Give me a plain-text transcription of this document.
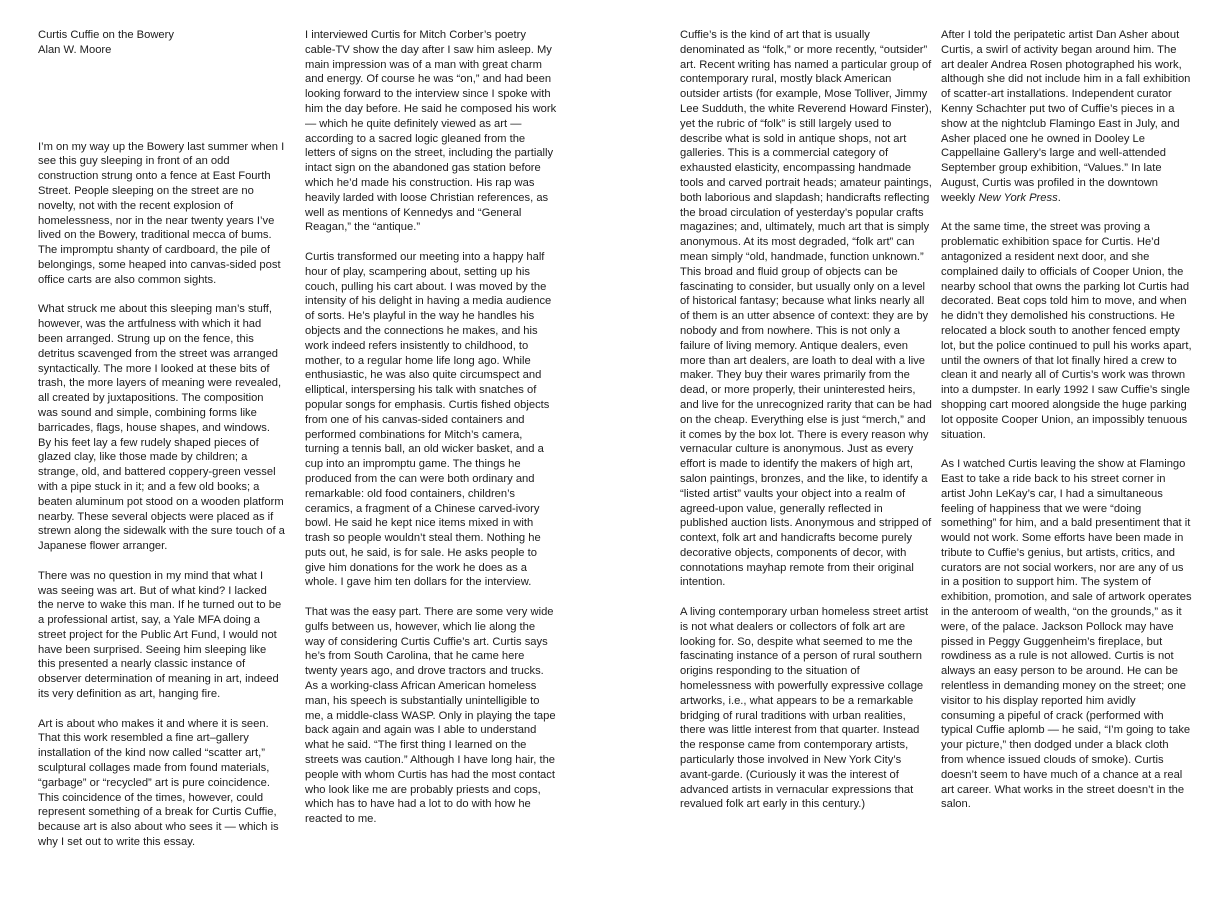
Curtis Cuffie on the Bowery
Alan W. Moore

I’m on my way up the Bowery last summer when I see this guy sleeping in front of an odd construction strung onto a fence at East Fourth Street. People sleeping on the street are no novelty, not with the recent explosion of homelessness, nor in the near twenty years I’ve lived on the Bowery, traditional mecca of bums. The impromptu shanty of cardboard, the pile of belongings, some heaped into canvas-sided post office carts are also common sights.

What struck me about this sleeping man’s stuff, however, was the artfulness with which it had been arranged. Strung up on the fence, this detritus scavenged from the street was arranged syntactically. The more I looked at these bits of trash, the more layers of meaning were revealed, all created by juxtapositions. The composition was sound and simple, combining forms like barricades, flags, house shapes, and windows. By his feet lay a few rudely shaped pieces of glazed clay, like those made by children; a strange, old, and battered coppery-green vessel with a pipe stuck in it; and a few old books; a beaten aluminum pot stood on a wooden platform nearby. These several objects were placed as if strewn along the sidewalk with the sure touch of a Japanese flower arranger.

There was no question in my mind that what I was seeing was art. But of what kind? I lacked the nerve to wake this man. If he turned out to be a professional artist, say, a Yale MFA doing a street project for the Public Art Fund, I would not have been surprised. Seeing him sleeping like this presented a nearly classic instance of observer determination of meaning in art, indeed its very definition as art, hanging fire.

Art is about who makes it and where it is seen. That this work resembled a fine art–gallery installation of the kind now called “scatter art,” sculptural collages made from found materials, “garbage” or “recycled” art is pure coincidence. This coincidence of the times, however, could represent something of a break for Curtis Cuffie, because art is also about who sees it — which is why I set out to write this essay.

I interviewed Curtis for Mitch Corber’s poetry cable-TV show the day after I saw him asleep. My main impression was of a man with great charm and energy. Of course he was “on,” and had been looking forward to the interview since I spoke with him the day before. He said he composed his work — which he quite definitely viewed as art — according to a sacred logic gleaned from the letters of signs on the street, including the partially intact sign on the abandoned gas station before which he’d made his construction. His rap was heavily larded with loose Christian references, as well as mentions of Kennedys and “General Reagan,” the “antique.”

Curtis transformed our meeting into a happy half hour of play, scampering about, setting up his couch, pulling his cart about. I was moved by the intensity of his delight in having a media audience of sorts. He’s playful in the way he handles his objects and the connections he makes, and his work indeed refers insistently to childhood, to mother, to a regular home life long ago. While enthusiastic, he was also quite circumspect and elliptical, interspersing his talk with snatches of popular songs for emphasis. Curtis fished objects from one of his canvas-sided containers and performed combinations for Mitch’s camera, turning a tennis ball, an old wicker basket, and a cup into an impromptu game. The things he produced from the can were both ordinary and remarkable: old food containers, children’s ceramics, a fragment of a Chinese carved-ivory bowl. He said he kept nice items mixed in with trash so people wouldn’t steal them. Nothing he puts out, he said, is for sale. He asks people to give him donations for the work he does as a whole. I gave him ten dollars for the interview.

That was the easy part. There are some very wide gulfs between us, however, which lie along the way of considering Curtis Cuffie’s art. Curtis says he’s from South Carolina, that he came here twenty years ago, and drove tractors and trucks. As a working-class African American homeless man, his speech is substantially unintelligible to me, a middle-class WASP. Only in playing the tape back again and again was I able to understand what he said. “The first thing I learned on the streets was caution.” Although I have long hair, the people with whom Curtis has had the most contact who look like me are probably priests and cops, which has to have had a lot to do with how he reacted to me.

Cuffie’s is the kind of art that is usually denominated as “folk,” or more recently, “outsider” art. Recent writing has named a particular group of contemporary rural, mostly black American outsider artists (for example, Mose Tolliver, Jimmy Lee Sudduth, the white Reverend Howard Finster), yet the rubric of “folk” is still largely used to describe what is sold in antique shops, not art galleries. This is a commercial category of exhausted elasticity, encompassing handmade tools and carved portrait heads; amateur paintings, both laborious and slapdash; handicrafts reflecting the broad circulation of yesterday’s popular crafts magazines; and, ultimately, much art that is simply anonymous. At its most degraded, “folk art” can mean simply “old, handmade, function unknown.” This broad and fluid group of objects can be fascinating to consider, but usually only on a level of historical fantasy; because what links nearly all of them is an utter absence of context: they are by nobody and from nowhere. This is not only a failure of living memory. Antique dealers, even more than art dealers, are loath to deal with a live maker. They buy their wares primarily from the dead, or more properly, their uninterested heirs, and live for the unrecognized rarity that can be had on the cheap. Everything else is just “merch,” and it comes by the box lot. There is every reason why vernacular culture is anonymous. Just as every effort is made to identify the makers of high art, salon paintings, bronzes, and the like, to identify a “listed artist” vaults your object into a realm of agreed-upon value, generally reflected in published auction lists. Anonymous and stripped of context, folk art and handicrafts become purely decorative objects, components of decor, with connotations mayhap remote from their original intention.

A living contemporary urban homeless street artist is not what dealers or collectors of folk art are looking for. So, despite what seemed to me the fascinating instance of a person of rural southern origins responding to the situation of homelessness with powerfully expressive collage artworks, i.e., what appears to be a remarkable bridging of rural traditions with urban realities, there was little interest from that quarter. Instead the response came from contemporary artists, particularly those involved in New York City’s avant-garde. (Curiously it was the interest of advanced artists in vernacular expressions that revalued folk art early in this century.)

After I told the peripatetic artist Dan Asher about Curtis, a swirl of activity began around him. The art dealer Andrea Rosen photographed his work, although she did not include him in a fall exhibition of scatter-art installations. Independent curator Kenny Schachter put two of Cuffie’s pieces in a show at the nightclub Flamingo East in July, and Asher placed one he owned in Dooley Le Cappellaine Gallery’s large and well-attended September group exhibition, “Values.” In late August, Curtis was profiled in the downtown weekly New York Press.

At the same time, the street was proving a problematic exhibition space for Curtis. He’d antagonized a resident next door, and she complained daily to officials of Cooper Union, the nearby school that owns the parking lot Curtis had decorated. Beat cops told him to move, and when he didn’t they demolished his constructions. He relocated a block south to another fenced empty lot, but the police continued to pull his works apart, until the owners of that lot finally hired a crew to clean it and nearly all of Curtis’s work was thrown into a dumpster. In early 1992 I saw Cuffie’s single shopping cart moored alongside the huge parking lot opposite Cooper Union, an impossibly tenuous situation.

As I watched Curtis leaving the show at Flamingo East to take a ride back to his street corner in artist John LeKay’s car, I had a simultaneous feeling of happiness that we were “doing something” for him, and a bald presentiment that it would not work. Some efforts have been made in tribute to Cuffie’s genius, but artists, critics, and curators are not social workers, nor are any of us in a position to support him. The system of exhibition, promotion, and sale of artwork operates in the anteroom of wealth, “on the grounds,” as it were, of the palace. Jackson Pollock may have pissed in Peggy Guggenheim’s fireplace, but rowdiness as a rule is not allowed. Curtis is not always an easy person to be around. He can be relentless in demanding money on the street; one visitor to his display reported him avidly consuming a pipeful of crack (performed with typical Cuffie aplomb — he said, “I’m going to take your picture,” then dodged under a black cloth from whence issued clouds of smoke). Curtis doesn’t seem to have much of a chance at a real art career. What works in the street doesn’t in the salon.
